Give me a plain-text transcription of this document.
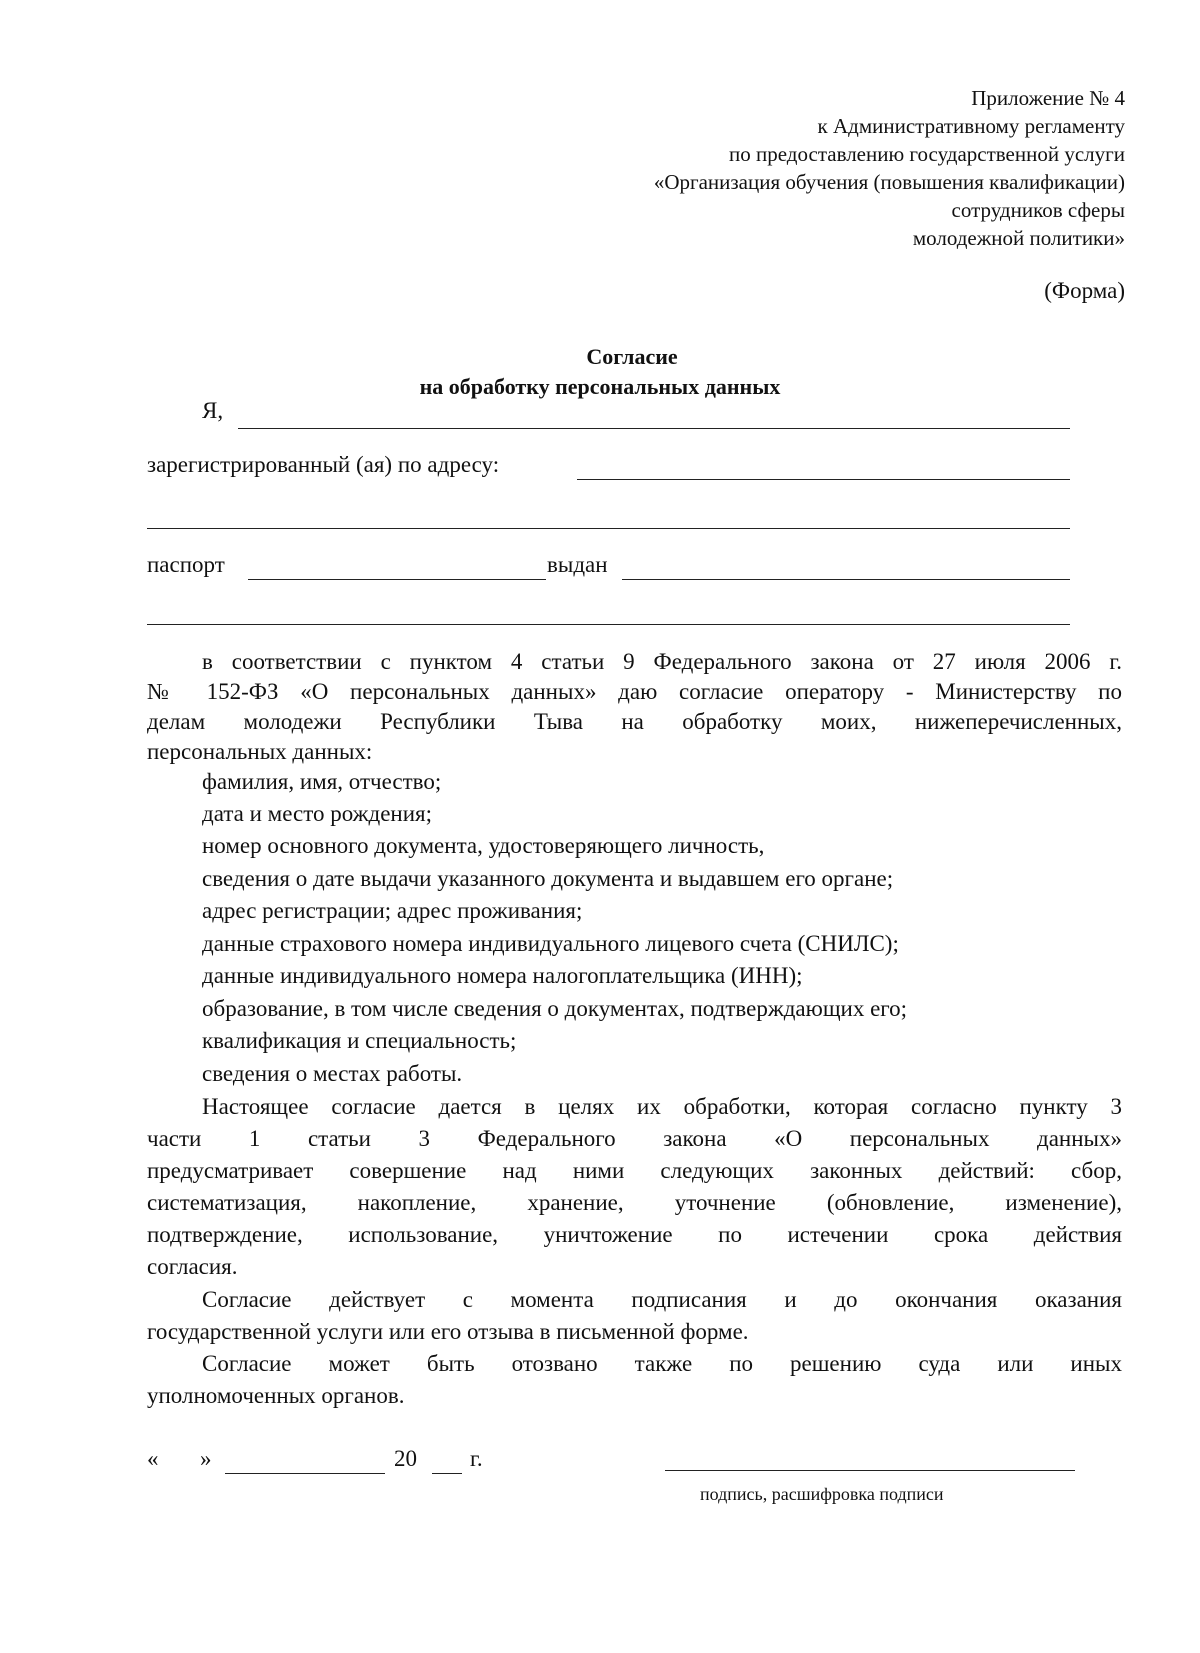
Приложение № 4
к Административному регламенту
по предоставлению государственной услуги
«Организация обучения (повышения квалификации)
сотрудников сферы
молодежной политики»
(Форма)
Согласие
на обработку персональных данных
Я,
зарегистрированный (ая) по адресу:
паспорт	выдан
в соответствии с пунктом 4 статьи 9 Федерального закона от 27 июля 2006 г.
№ 152-ФЗ «О персональных данных» даю согласие оператору - Министерству по
делам молодежи Республики Тыва на обработку моих, нижеперечисленных,
персональных данных:
фамилия, имя, отчество;
дата и место рождения;
номер основного документа, удостоверяющего личность,
сведения о дате выдачи указанного документа и выдавшем его органе;
адрес регистрации; адрес проживания;
данные страхового номера индивидуального лицевого счета (СНИЛС);
данные индивидуального номера налогоплательщика (ИНН);
образование, в том числе сведения о документах, подтверждающих его;
квалификация и специальность;
сведения о местах работы.
Настоящее согласие дается в целях их обработки, которая согласно пункту 3
части 1 статьи 3 Федерального закона «О персональных данных»
предусматривает совершение над ними следующих законных действий: сбор,
систематизация, накопление, хранение, уточнение (обновление, изменение),
подтверждение, использование, уничтожение по истечении срока действия
согласия.
Согласие действует с момента подписания и до окончания оказания
государственной услуги или его отзыва в письменной форме.
Согласие может быть отозвано также по решению суда или иных
уполномоченных органов.
« »	20 г.
подпись, расшифровка подписи
